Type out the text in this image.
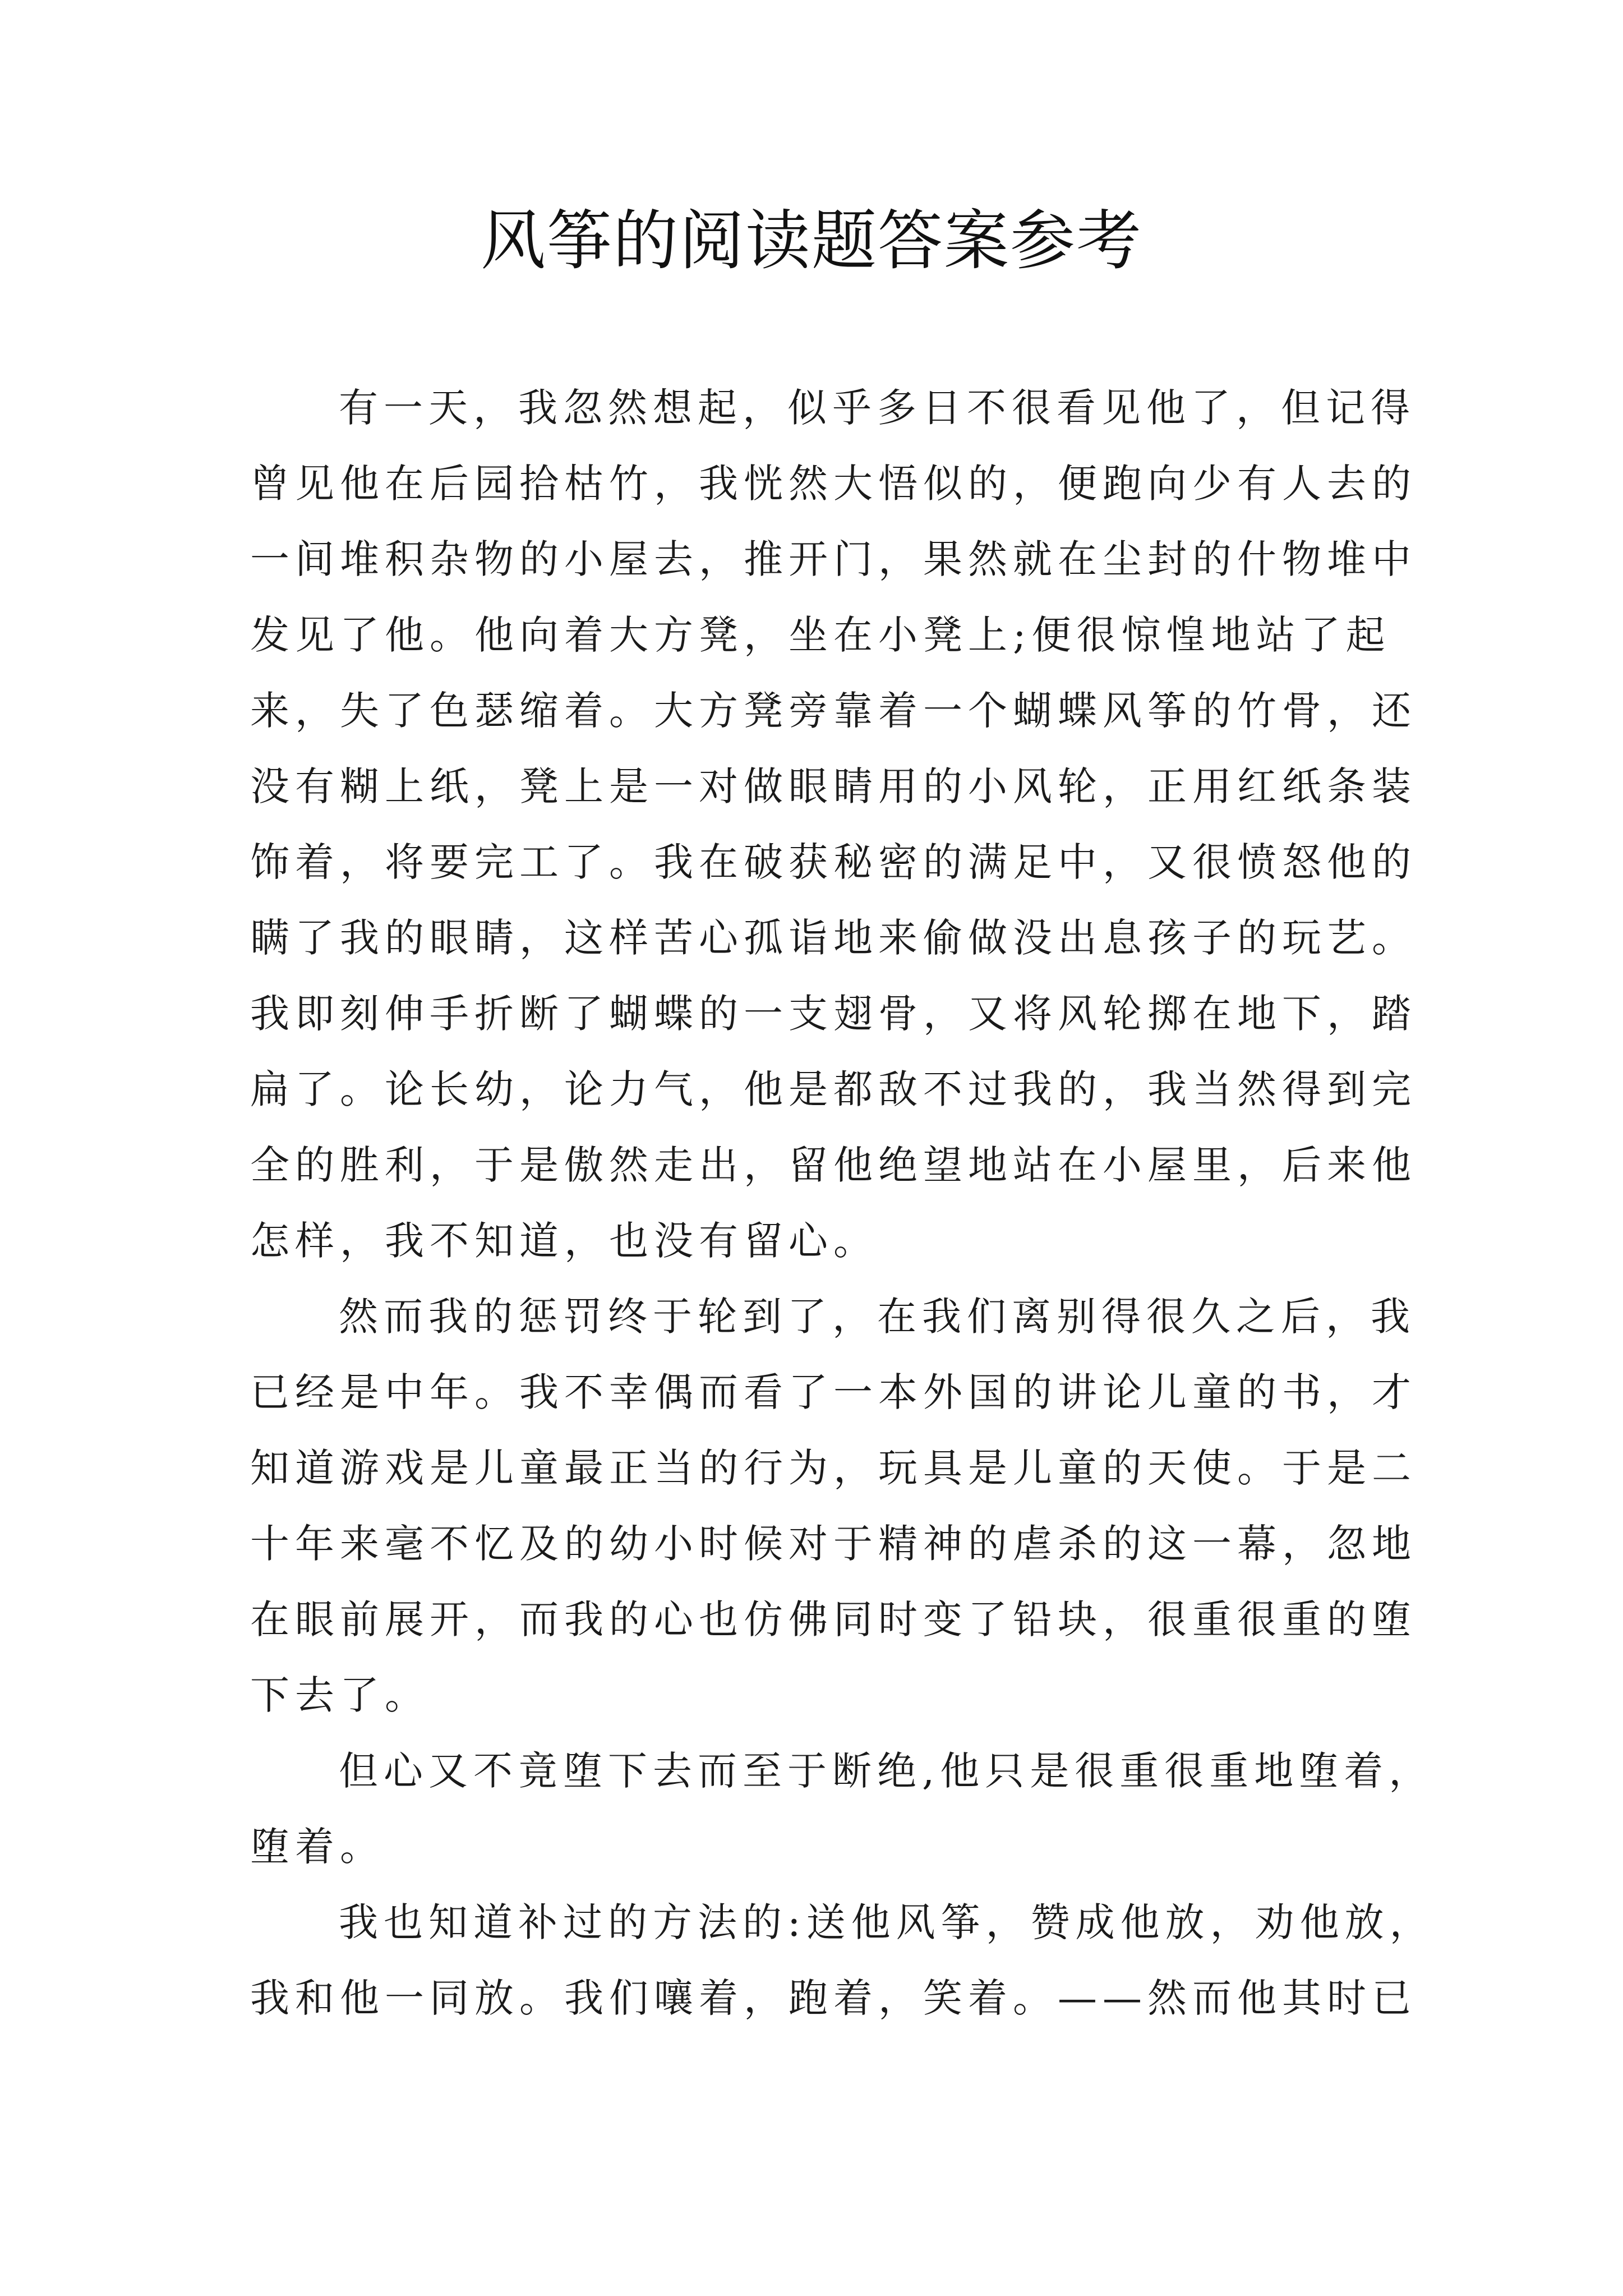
风筝的阅读题答案参考
有一天，我忽然想起，似乎多日不很看见他了，但记得
曾见他在后园拾枯竹，我恍然大悟似的，便跑向少有人去的
一间堆积杂物的小屋去，推开门，果然就在尘封的什物堆中
发见了他。他向着大方凳，坐在小凳上;便很惊惶地站了起
来，失了色瑟缩着。大方凳旁靠着一个蝴蝶风筝的竹骨，还
没有糊上纸，凳上是一对做眼睛用的小风轮，正用红纸条装
饰着，将要完工了。我在破获秘密的满足中，又很愤怒他的
瞒了我的眼睛，这样苦心孤诣地来偷做没出息孩子的玩艺。
我即刻伸手折断了蝴蝶的一支翅骨，又将风轮掷在地下，踏
扁了。论长幼，论力气，他是都敌不过我的，我当然得到完
全的胜利，于是傲然走出，留他绝望地站在小屋里，后来他
怎样，我不知道，也没有留心。
然而我的惩罚终于轮到了，在我们离别得很久之后，我
已经是中年。我不幸偶而看了一本外国的讲论儿童的书，才
知道游戏是儿童最正当的行为，玩具是儿童的天使。于是二
十年来毫不忆及的幼小时候对于精神的虐杀的这一幕，忽地
在眼前展开，而我的心也仿佛同时变了铅块，很重很重的堕
下去了。
但心又不竟堕下去而至于断绝,他只是很重很重地堕着，
堕着。
我也知道补过的方法的:送他风筝，赞成他放，劝他放，
我和他一同放。我们嚷着，跑着，笑着。——然而他其时已
